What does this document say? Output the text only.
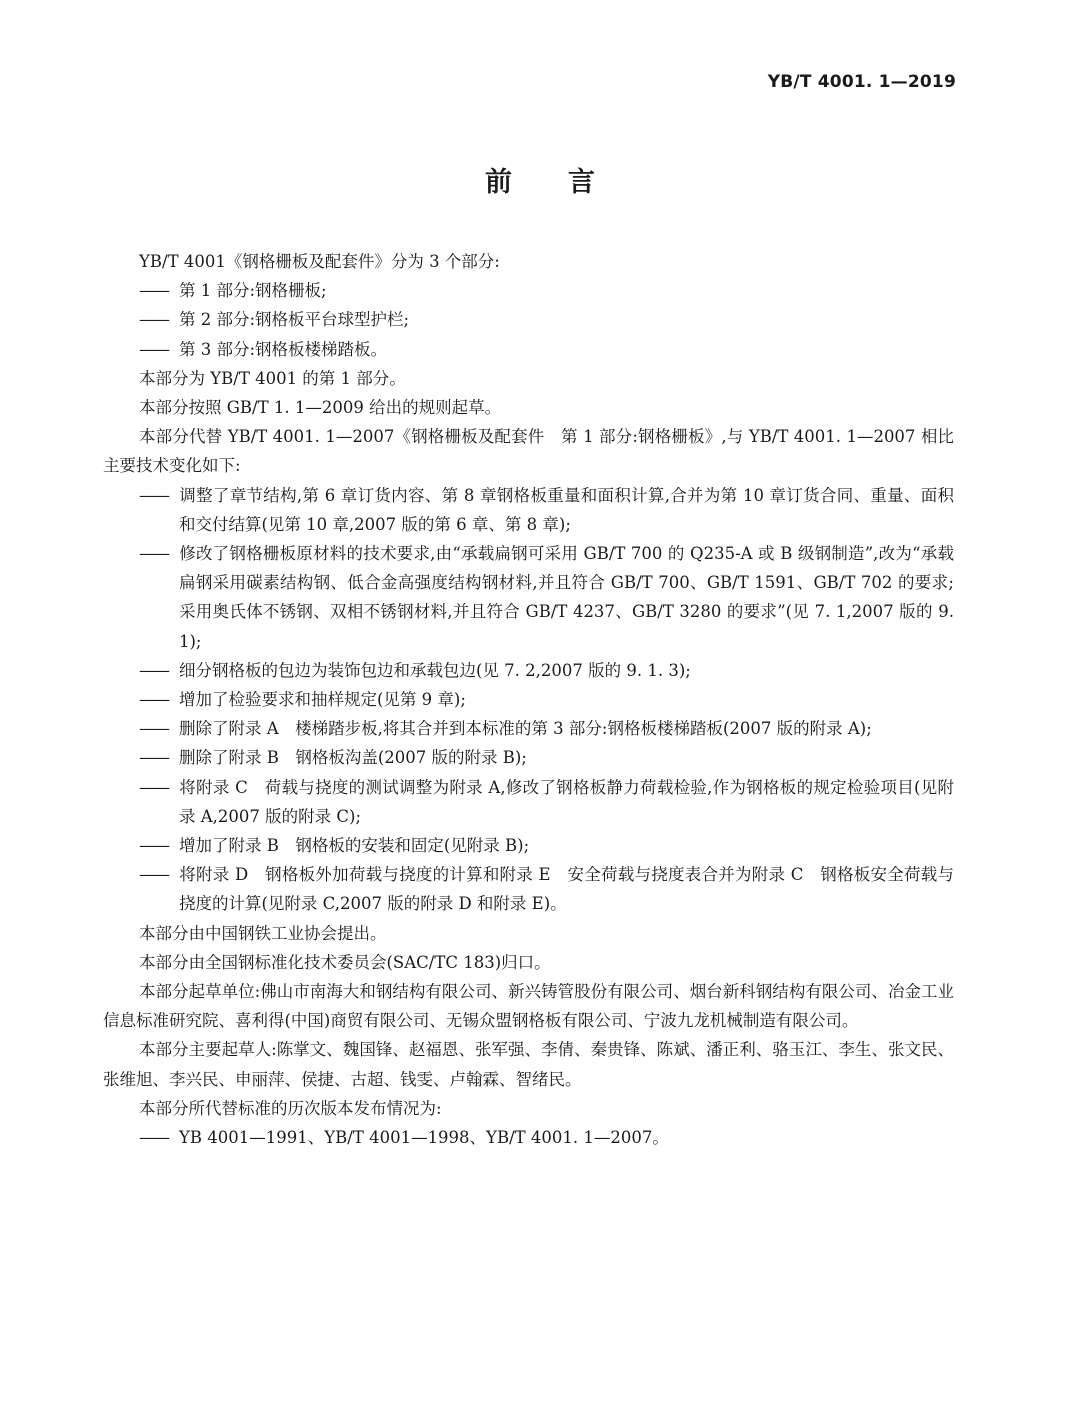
YB/T 4001. 1—2019
前言

YB/T 4001《钢格栅板及配套件》分为 3 个部分:

—— 第 1 部分:钢格栅板;

—— 第 2 部分:钢格板平台球型护栏;

—— 第 3 部分:钢格板楼梯踏板。

本部分为 YB/T 4001 的第 1 部分。

本部分按照 GB/T 1. 1—2009 给出的规则起草。

本部分代替 YB/T 4001. 1—2007《钢格栅板及配套件　第 1 部分:钢格栅板》,与 YB/T 4001. 1—2007 相比主要技术变化如下:

—— 调整了章节结构,第 6 章订货内容、第 8 章钢格板重量和面积计算,合并为第 10 章订货合同、重量、面积和交付结算(见第 10 章,2007 版的第 6 章、第 8 章);

—— 修改了钢格栅板原材料的技术要求,由“承载扁钢可采用 GB/T 700 的 Q235-A 或 B 级钢制造”,改为“承载扁钢采用碳素结构钢、低合金高强度结构钢材料,并且符合 GB/T 700、GB/T 1591、GB/T 702 的要求;采用奥氏体不锈钢、双相不锈钢材料,并且符合 GB/T 4237、GB/T 3280 的要求”(见 7. 1,2007 版的 9. 1);

—— 细分钢格板的包边为装饰包边和承载包边(见 7. 2,2007 版的 9. 1. 3);

—— 增加了检验要求和抽样规定(见第 9 章);

—— 删除了附录 A　楼梯踏步板,将其合并到本标准的第 3 部分:钢格板楼梯踏板(2007 版的附录 A);

—— 删除了附录 B　钢格板沟盖(2007 版的附录 B);

—— 将附录 C　荷载与挠度的测试调整为附录 A,修改了钢格板静力荷载检验,作为钢格板的规定检验项目(见附录 A,2007 版的附录 C);

—— 增加了附录 B　钢格板的安装和固定(见附录 B);

—— 将附录 D　钢格板外加荷载与挠度的计算和附录 E　安全荷载与挠度表合并为附录 C　钢格板安全荷载与挠度的计算(见附录 C,2007 版的附录 D 和附录 E)。

本部分由中国钢铁工业协会提出。

本部分由全国钢标准化技术委员会(SAC/TC 183)归口。

本部分起草单位:佛山市南海大和钢结构有限公司、新兴铸管股份有限公司、烟台新科钢结构有限公司、冶金工业信息标准研究院、喜利得(中国)商贸有限公司、无锡众盟钢格板有限公司、宁波九龙机械制造有限公司。

本部分主要起草人:陈掌文、魏国锋、赵福恩、张军强、李倩、秦贵锋、陈斌、潘正利、骆玉江、李生、张文民、张维旭、李兴民、申丽萍、侯捷、古超、钱雯、卢翰霖、智绪民。

本部分所代替标准的历次版本发布情况为:

—— YB 4001—1991、YB/T 4001—1998、YB/T 4001. 1—2007。
